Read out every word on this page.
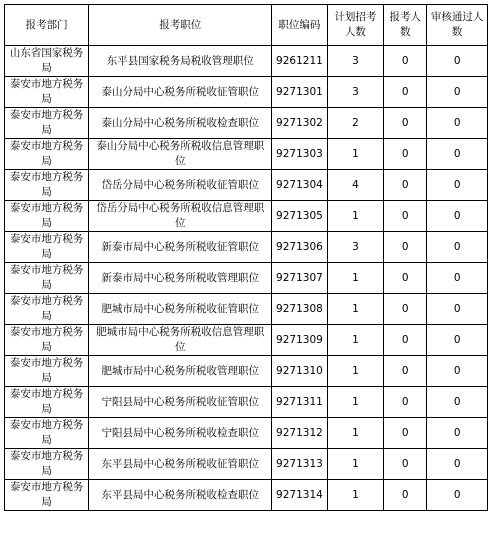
报考部门	报考职位	职位编码	计划招考人数	报考人数	审核通过人数
山东省国家税务局	东平县国家税务局税收管理职位	9261211	3	0	0
泰安市地方税务局	泰山分局中心税务所税收征管职位	9271301	3	0	0
泰安市地方税务局	泰山分局中心税务所税收检查职位	9271302	2	0	0
泰安市地方税务局	泰山分局中心税务所税收信息管理职位	9271303	1	0	0
泰安市地方税务局	岱岳分局中心税务所税收征管职位	9271304	4	0	0
泰安市地方税务局	岱岳分局中心税务所税收信息管理职位	9271305	1	0	0
泰安市地方税务局	新泰市局中心税务所税收征管职位	9271306	3	0	0
泰安市地方税务局	新泰市局中心税务所税收管理职位	9271307	1	0	0
泰安市地方税务局	肥城市局中心税务所税收征管职位	9271308	1	0	0
泰安市地方税务局	肥城市局中心税务所税收信息管理职位	9271309	1	0	0
泰安市地方税务局	肥城市局中心税务所税收管理职位	9271310	1	0	0
泰安市地方税务局	宁阳县局中心税务所税收征管职位	9271311	1	0	0
泰安市地方税务局	宁阳县局中心税务所税收检查职位	9271312	1	0	0
泰安市地方税务局	东平县局中心税务所税收征管职位	9271313	1	0	0
泰安市地方税务局	东平县局中心税务所税收检查职位	9271314	1	0	0
